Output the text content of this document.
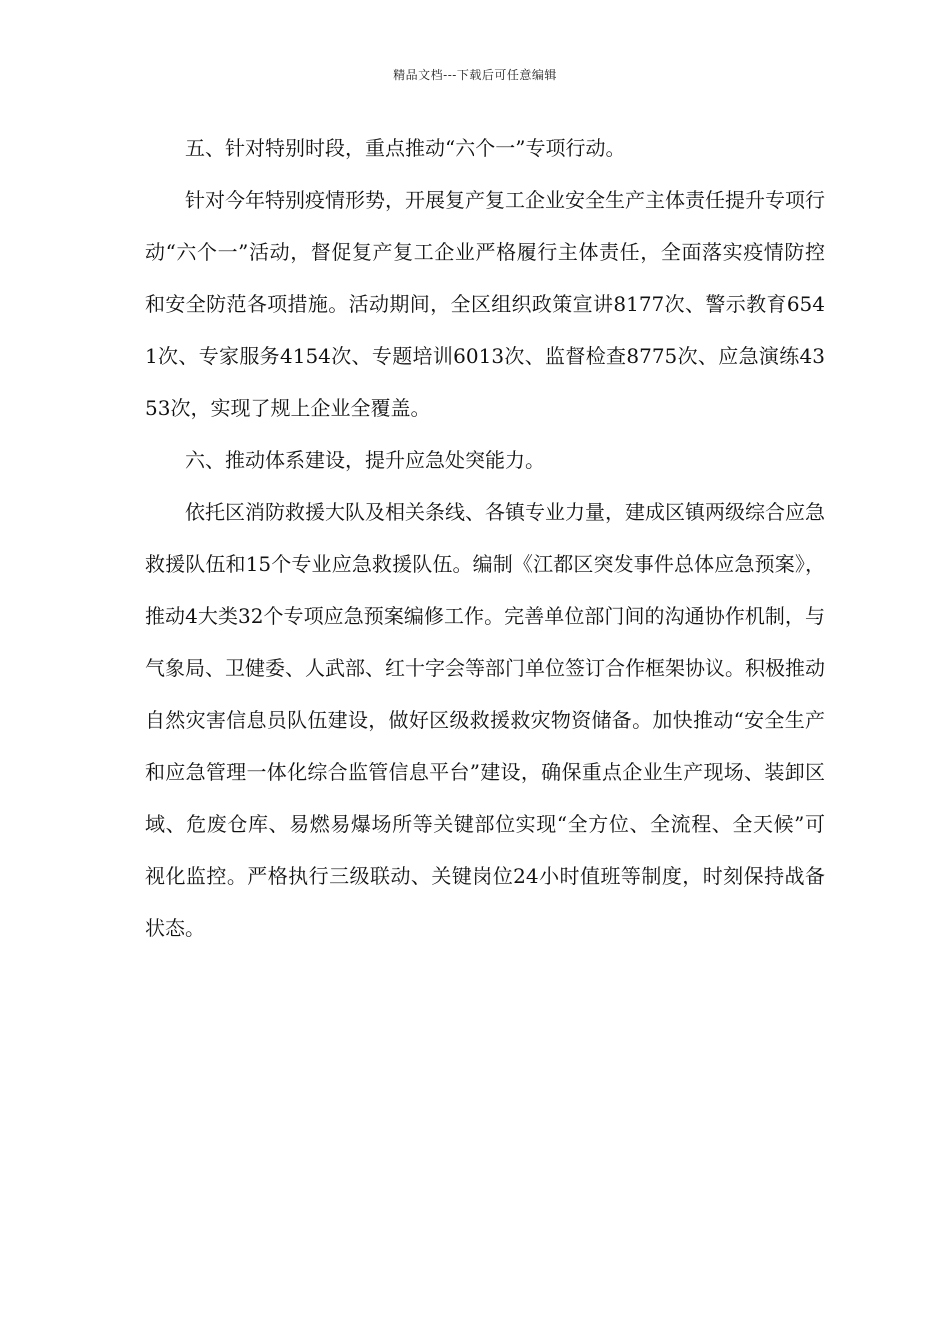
精品文档---下载后可任意编辑

五、针对特别时段，重点推动“六个一”专项行动。

针对今年特别疫情形势，开展复产复工企业安全生产主体责任提升专项行动“六个一”活动，督促复产复工企业严格履行主体责任，全面落实疫情防控和安全防范各项措施。活动期间，全区组织政策宣讲8177次、警示教育6541次、专家服务4154次、专题培训6013次、监督检查8775次、应急演练4353次，实现了规上企业全覆盖。

六、推动体系建设，提升应急处突能力。

依托区消防救援大队及相关条线、各镇专业力量，建成区镇两级综合应急救援队伍和15个专业应急救援队伍。编制《江都区突发事件总体应急预案》，推动4大类32个专项应急预案编修工作。完善单位部门间的沟通协作机制，与气象局、卫健委、人武部、红十字会等部门单位签订合作框架协议。积极推动自然灾害信息员队伍建设，做好区级救援救灾物资储备。加快推动“安全生产和应急管理一体化综合监管信息平台”建设，确保重点企业生产现场、装卸区域、危废仓库、易燃易爆场所等关键部位实现“全方位、全流程、全天候”可视化监控。严格执行三级联动、关键岗位24小时值班等制度，时刻保持战备状态。
